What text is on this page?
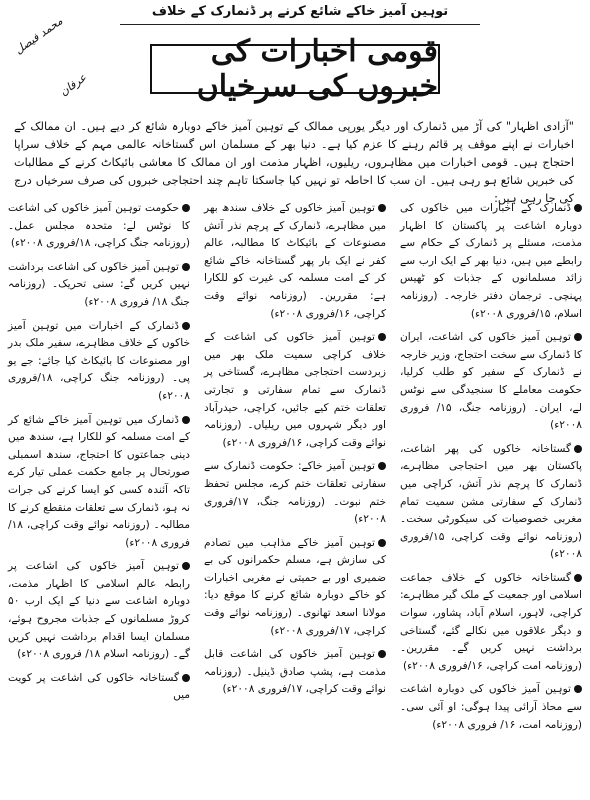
توہین آمیز خاکے شائع کرنے پر ڈنمارک کے خلاف
محمد فیصل عرفان
قومی اخبارات کی خبروں کی سرخیاں
"آزادی اظہار" کی آڑ میں ڈنمارک اور دیگر یورپی ممالک کے توہین آمیز خاکے دوبارہ شائع کر دیے ہیں۔ ان ممالک کے اخبارات نے اپنے موقف پر قائم رہنے کا عزم کیا ہے۔ دنیا بھر کے مسلمان اس گستاخانہ عالمی مہم کے خلاف سراپا احتجاج ہیں۔ قومی اخبارات میں مظاہروں، ریلیوں، اظہار مذمت اور ان ممالک کا معاشی بائیکاٹ کرنے کے مطالبات کی خبریں شائع ہو رہی ہیں۔ ان سب کا احاطہ تو نہیں کیا جاسکتا تاہم چند احتجاجی خبروں کی صرف سرخیاں درج کی جا رہی ہیں:
ڈنمارک کے اخبارات میں خاکوں کی دوبارہ اشاعت پر پاکستان کا اظہار مذمت، مسئلے پر ڈنمارک کے حکام سے رابطے میں ہیں، دنیا بھر کے ایک ارب سے زائد مسلمانوں کے جذبات کو ٹھیس پہنچی۔ ترجمان دفتر خارجہ۔ (روزنامہ اسلام، ۱۵/فروری ۲۰۰۸ء)
توہین آمیز خاکوں کی اشاعت، ایران کا ڈنمارک سے سخت احتجاج، وزیر خارجہ نے ڈنمارک کے سفیر کو طلب کرلیا، حکومت معاملے کا سنجیدگی سے نوٹس لے، ایران۔ (روزنامہ جنگ، ۱۵/ فروری ۲۰۰۸ء)
گستاخانہ خاکوں کی پھر اشاعت، پاکستان بھر میں احتجاجی مظاہرے، ڈنمارک کا پرچم نذر آتش، کراچی میں ڈنمارک کے سفارتی مشن سمیت تمام مغربی خصوصیات کی سیکورٹی سخت۔ (روزنامہ نوائے وقت کراچی، ۱۵/فروری ۲۰۰۸ء)
گستاخانہ خاکوں کے خلاف جماعت اسلامی اور جمعیت کے ملک گیر مظاہرے: کراچی، لاہور، اسلام آباد، پشاور، سوات و دیگر علاقوں میں نکالے گئے، گستاخی برداشت نہیں کریں گے۔ مقررین۔ (روزنامہ امت کراچی، ۱۶/فروری ۲۰۰۸ء)
توہین آمیز خاکوں کی دوبارہ اشاعت سے محاذ آرائی پیدا ہوگی: او آئی سی۔ (روزنامہ امت، ۱۶/ فروری ۲۰۰۸ء)
توہین آمیز خاکوں کے خلاف سندھ بھر میں مظاہرے، ڈنمارک کے پرچم نذر آتش مصنوعات کے بائیکاٹ کا مطالبہ، عالم کفر نے ایک بار پھر گستاخانہ خاکے شائع کر کے امت مسلمہ کی غیرت کو للکارا ہے: مقررین۔ (روزنامہ نوائے وقت کراچی، ۱۶/فروری ۲۰۰۸ء)
توہین آمیز خاکوں کی اشاعت کے خلاف کراچی سمیت ملک بھر میں زبردست احتجاجی مظاہرے، گستاخی پر ڈنمارک سے تمام سفارتی و تجارتی تعلقات ختم کیے جائیں، کراچی، حیدرآباد اور دیگر شہروں میں ریلیاں۔ (روزنامہ نوائے وقت کراچی، ۱۶/فروری ۲۰۰۸ء)
توہین آمیز خاکے: حکومت ڈنمارک سے سفارتی تعلقات ختم کرے، مجلس تحفظ ختم نبوت۔ (روزنامہ جنگ، ۱۷/فروری ۲۰۰۸ء)
توہین آمیز خاکے مذاہب میں تصادم کی سازش ہے، مسلم حکمرانوں کی بے ضمیری اور بے حمیتی نے مغربی اخبارات کو خاکے دوبارہ شائع کرنے کا موقع دیا: مولانا اسعد تھانوی۔ (روزنامہ نوائے وقت کراچی، ۱۷/فروری ۲۰۰۸ء)
توہین آمیز خاکوں کی اشاعت قابل مذمت ہے، پشپ صادق ڈینیل۔ (روزنامہ نوائے وقت کراچی، ۱۷/فروری ۲۰۰۸ء)
حکومت توہین آمیز خاکوں کی اشاعت کا نوٹس لے: متحدہ مجلس عمل۔ (روزنامہ جنگ کراچی، ۱۸/فروری ۲۰۰۸ء)
توہین آمیز خاکوں کی اشاعت برداشت نہیں کریں گے: سنی تحریک۔ (روزنامہ جنگ ۱۸/ فروری ۲۰۰۸ء)
ڈنمارک کے اخبارات میں توہین آمیز خاکوں کے خلاف مظاہرے، سفیر ملک بدر اور مصنوعات کا بائیکاٹ کیا جائے: جے یو پی۔ (روزنامہ جنگ کراچی، ۱۸/فروری ۲۰۰۸ء)
ڈنمارک میں توہین آمیز خاکے شائع کر کے امت مسلمہ کو للکارا ہے، سندھ میں دینی جماعتوں کا احتجاج، سندھ اسمبلی صورتحال پر جامع حکمت عملی تیار کرے تاکہ آئندہ کسی کو ایسا کرنے کی جرات نہ ہو، ڈنمارک سے تعلقات منقطع کرنے کا مطالبہ۔ (روزنامہ نوائے وقت کراچی، ۱۸/ فروری ۲۰۰۸ء)
توہین آمیز خاکوں کی اشاعت پر رابطہ عالم اسلامی کا اظہار مذمت، دوبارہ اشاعت سے دنیا کے ایک ارب ۵۰ کروڑ مسلمانوں کے جذبات مجروح ہوئے، مسلمان ایسا اقدام برداشت نہیں کریں گے۔ (روزنامہ اسلام ۱۸/ فروری ۲۰۰۸ء)
گستاخانہ خاکوں کی اشاعت پر کویت میں
